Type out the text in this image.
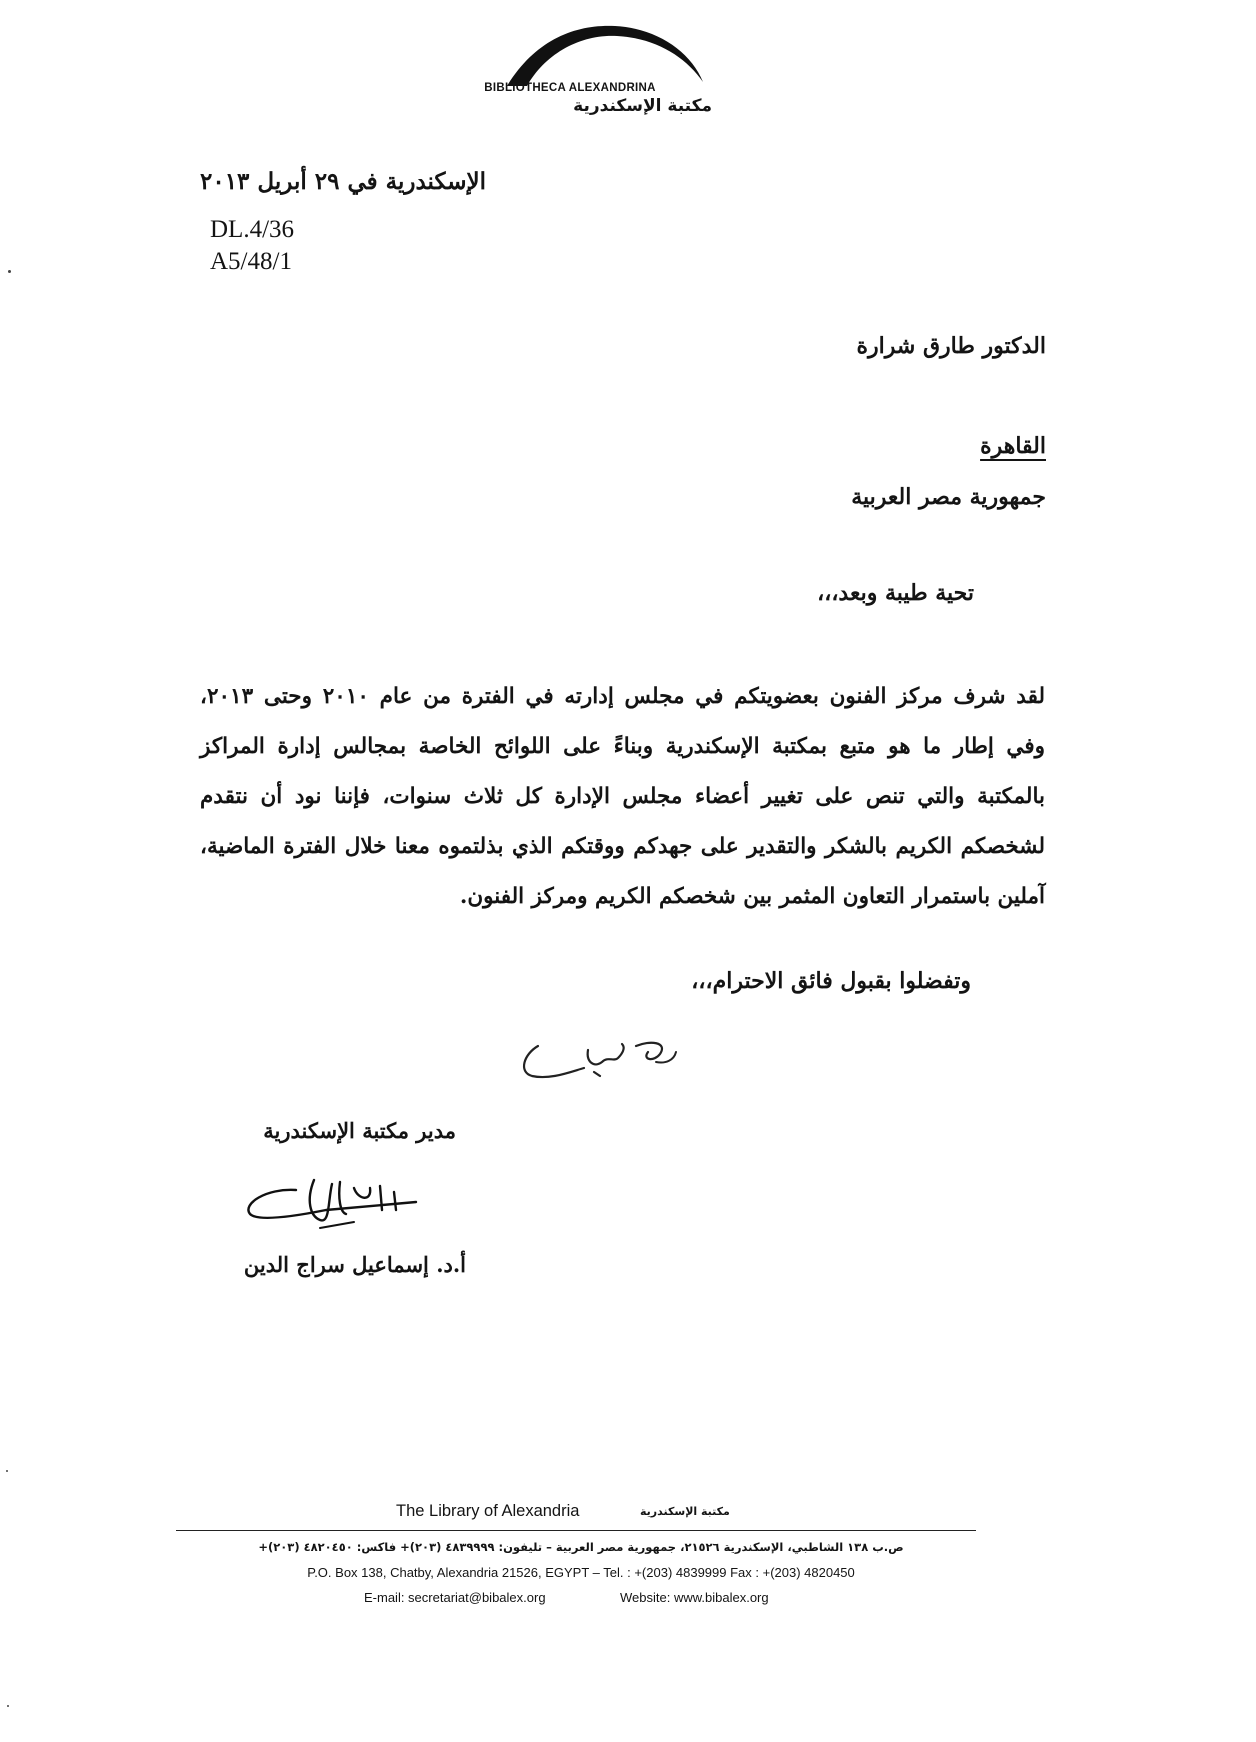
BIBLIOTHECA ALEXANDRINA
مكتبة الإسكندرية
الإسكندرية في ٢٩ أبريل ٢٠١٣
DL.4/36
A5/48/1
الدكتور طارق شرارة
القاهرة
جمهورية مصر العربية
تحية طيبة وبعد،،،
لقد شرف مركز الفنون بعضويتكم في مجلس إدارته في الفترة من عام ٢٠١٠ وحتى ٢٠١٣، وفي إطار ما هو متبع بمكتبة الإسكندرية وبناءً على اللوائح الخاصة بمجالس إدارة المراكز بالمكتبة والتي تنص على تغيير أعضاء مجلس الإدارة كل ثلاث سنوات، فإننا نود أن نتقدم لشخصكم الكريم بالشكر والتقدير على جهدكم ووقتكم الذي بذلتموه معنا خلال الفترة الماضية، آملين باستمرار التعاون المثمر بين شخصكم الكريم ومركز الفنون.
وتفضلوا بقبول فائق الاحترام،،،
مدير مكتبة الإسكندرية
أ.د. إسماعيل سراج الدين
The Library of Alexandria	مكتبة الإسكندرية
ص.ب ١٣٨ الشاطبي، الإسكندرية ٢١٥٢٦، جمهورية مصر العربية – تليفون: ٤٨٣٩٩٩٩ (٢٠٣)+ فاكس: ٤٨٢٠٤٥٠ (٢٠٣)+
P.O. Box 138, Chatby, Alexandria 21526, EGYPT – Tel. : +(203) 4839999 Fax : +(203) 4820450
E-mail: secretariat@bibalex.org	Website: www.bibalex.org
